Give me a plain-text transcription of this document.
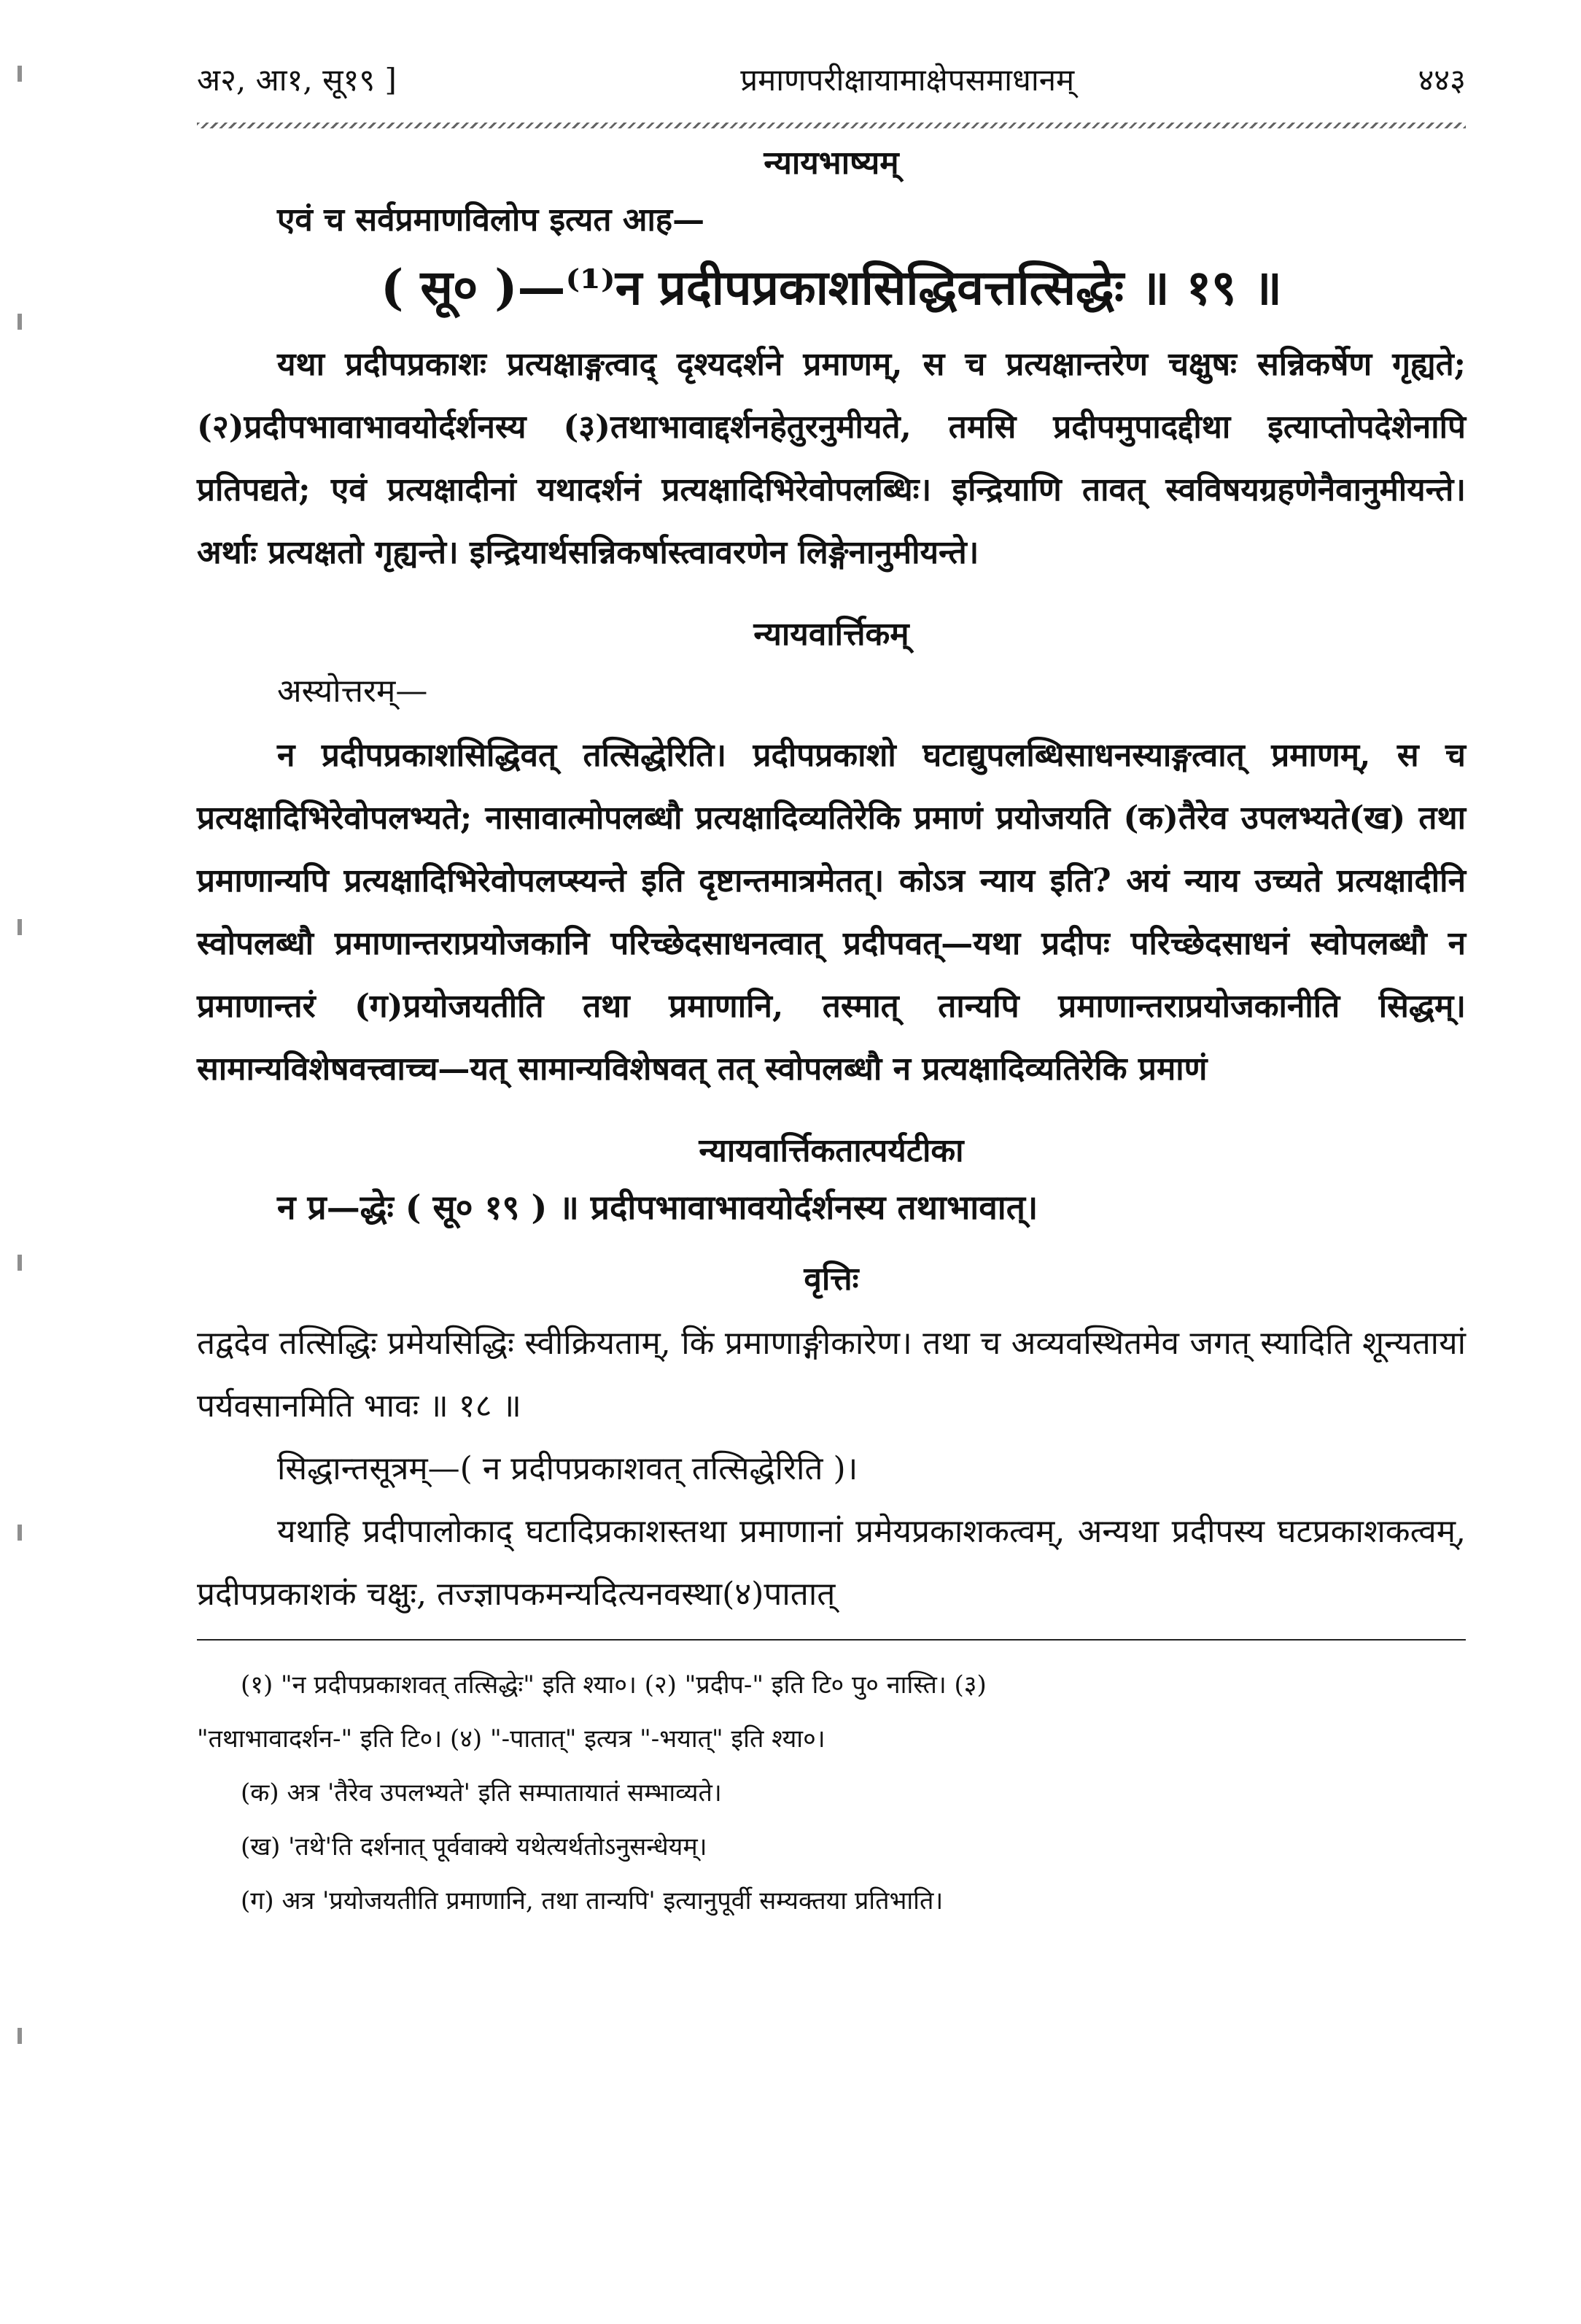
अ२, आ१, सू१९ ]	प्रमाणपरीक्षायामाक्षेपसमाधानम्	४४३
न्यायभाष्यम्
एवं च सर्वप्रमाणविलोप इत्यत आह—
( सू० )—⁽¹⁾न प्रदीपप्रकाशसिद्धिवत्तत्सिद्धेः ॥ १९ ॥

यथा प्रदीपप्रकाशः प्रत्यक्षाङ्गत्वाद् दृश्यदर्शने प्रमाणम्, स च प्रत्यक्षान्तरेण चक्षुषः सन्निकर्षेण गृह्यते; (२)प्रदीपभावाभावयोर्दर्शनस्य (३)तथाभावाद्दर्शनहेतुरनुमीयते, तमसि प्रदीपमुपादद्दीथा इत्याप्तोपदेशेनापि प्रतिपद्यते; एवं प्रत्यक्षादीनां यथादर्शनं प्रत्यक्षादिभिरेवोपलब्धिः। इन्द्रियाणि तावत् स्वविषयग्रहणेनैवानुमीयन्ते। अर्थाः प्रत्यक्षतो गृह्यन्ते। इन्द्रियार्थसन्निकर्षास्त्वावरणेन लिङ्गेनानुमीयन्ते।

न्यायवार्त्तिकम्
अस्योत्तरम्—

न प्रदीपप्रकाशसिद्धिवत् तत्सिद्धेरिति। प्रदीपप्रकाशो घटाद्युपलब्धिसाधनस्याङ्गत्वात् प्रमाणम्, स च प्रत्यक्षादिभिरेवोपलभ्यते; नासावात्मोपलब्धौ प्रत्यक्षादिव्यतिरेकि प्रमाणं प्रयोजयति (क)तैरेव उपलभ्यते(ख) तथा प्रमाणान्यपि प्रत्यक्षादिभिरेवोपलप्स्यन्ते इति दृष्टान्तमात्रमेतत्। कोऽत्र न्याय इति? अयं न्याय उच्यते प्रत्यक्षादीनि स्वोपलब्धौ प्रमाणान्तराप्रयोजकानि परिच्छेदसाधनत्वात् प्रदीपवत्—यथा प्रदीपः परिच्छेदसाधनं स्वोपलब्धौ न प्रमाणान्तरं (ग)प्रयोजयतीति तथा प्रमाणानि, तस्मात् तान्यपि प्रमाणान्तराप्रयोजकानीति सिद्धम्। सामान्यविशेषवत्त्वाच्च—यत् सामान्यविशेषवत् तत् स्वोपलब्धौ न प्रत्यक्षादिव्यतिरेकि प्रमाणं

न्यायवार्त्तिकतात्पर्यटीका
न प्र—द्धेः ( सू० १९ ) ॥ प्रदीपभावाभावयोर्दर्शनस्य तथाभावात्।
वृत्तिः

तद्वदेव तत्सिद्धिः प्रमेयसिद्धिः स्वीक्रियताम्, किं प्रमाणाङ्गीकारेण। तथा च अव्यवस्थितमेव जगत् स्यादिति शून्यतायां पर्यवसानमिति भावः ॥ १८ ॥

सिद्धान्तसूत्रम्—( न प्रदीपप्रकाशवत् तत्सिद्धेरिति )।

यथाहि प्रदीपालोकाद् घटादिप्रकाशस्तथा प्रमाणानां प्रमेयप्रकाशकत्वम्, अन्यथा प्रदीपस्य घटप्रकाशकत्वम्, प्रदीपप्रकाशकं चक्षुः, तज्ज्ञापकमन्यदित्यनवस्था(४)पातात्

(१) "न प्रदीपप्रकाशवत् तत्सिद्धेः" इति श्या०। (२) "प्रदीप-" इति टि० पु० नास्ति। (३)
"तथाभावादर्शन-" इति टि०। (४) "-पातात्" इत्यत्र "-भयात्" इति श्या०।
(क) अत्र 'तैरेव उपलभ्यते' इति सम्पातायातं सम्भाव्यते।
(ख) 'तथे'ति दर्शनात् पूर्ववाक्ये यथेत्यर्थतोऽनुसन्धेयम्।
(ग) अत्र 'प्रयोजयतीति प्रमाणानि, तथा तान्यपि' इत्यानुपूर्वी सम्यक्तया प्रतिभाति।
